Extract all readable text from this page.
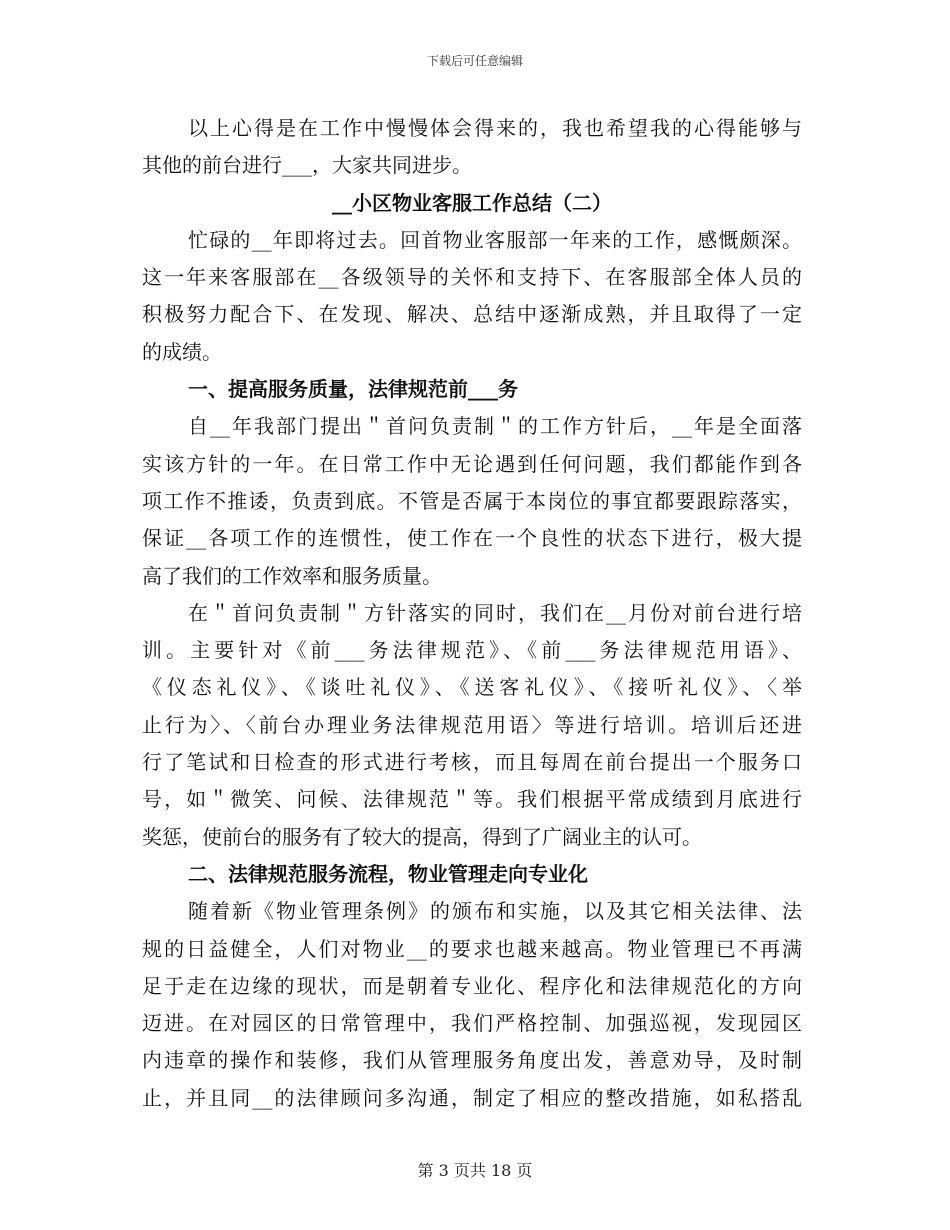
下载后可任意编辑
以上心得是在工作中慢慢体会得来的，我也希望我的心得能够与
其他的前台进行___，大家共同进步。
__小区物业客服工作总结（二）
忙碌的__年即将过去。回首物业客服部一年来的工作，感慨颇深。
这一年来客服部在__各级领导的关怀和支持下、在客服部全体人员的
积极努力配合下、在发现、解决、总结中逐渐成熟，并且取得了一定
的成绩。
一、提高服务质量，法律规范前___务
自__年我部门提出＂首问负责制＂的工作方针后，__年是全面落
实该方针的一年。在日常工作中无论遇到任何问题，我们都能作到各
项工作不推诿，负责到底。不管是否属于本岗位的事宜都要跟踪落实，
保证__各项工作的连惯性，使工作在一个良性的状态下进行，极大提
高了我们的工作效率和服务质量。
在＂首问负责制＂方针落实的同时，我们在__月份对前台进行培
训。主要针对《前___务法律规范》、《前___务法律规范用语》、
《仪态礼仪》、《谈吐礼仪》、《送客礼仪》、《接听礼仪》、〈举
止行为〉、〈前台办理业务法律规范用语〉等进行培训。培训后还进
行了笔试和日检查的形式进行考核，而且每周在前台提出一个服务口
号，如＂微笑、问候、法律规范＂等。我们根据平常成绩到月底进行
奖惩，使前台的服务有了较大的提高，得到了广阔业主的认可。
二、法律规范服务流程，物业管理走向专业化
随着新《物业管理条例》的颁布和实施，以及其它相关法律、法
规的日益健全，人们对物业__的要求也越来越高。物业管理已不再满
足于走在边缘的现状，而是朝着专业化、程序化和法律规范化的方向
迈进。在对园区的日常管理中，我们严格控制、加强巡视，发现园区
内违章的操作和装修，我们从管理服务角度出发，善意劝导，及时制
止，并且同__的法律顾问多沟通，制定了相应的整改措施，如私搭乱
第 3 页共 18 页
